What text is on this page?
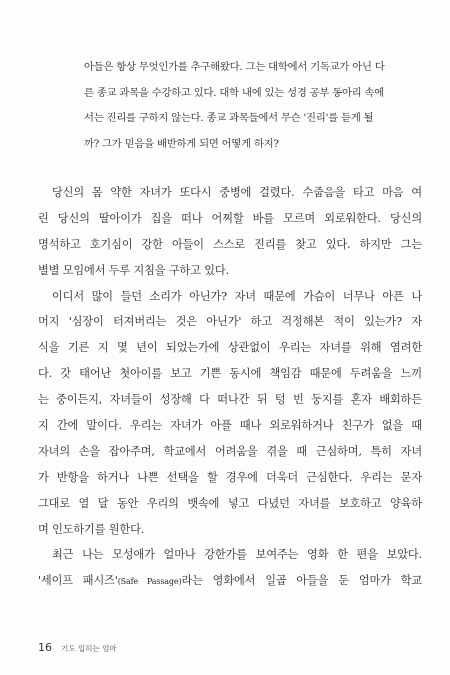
아들은 항상 무엇인가를 추구해왔다. 그는 대학에서 기독교가 아닌 다
른 종교 과목을 수강하고 있다. 대학 내에 있는 성경 공부 동아리 속에
서는 진리를 구하지 않는다. 종교 과목들에서 무슨 '진리'를 듣게 될
까? 그가 믿음을 배반하게 되면 어떻게 하지?
당신의 몸 약한 자녀가 또다시 중병에 걸렸다. 수줍음을 타고 마음 여
린 당신의 딸아이가 집을 떠나 어찌할 바를 모르며 외로워한다. 당신의
명석하고 호기심이 강한 아들이 스스로 진리를 찾고 있다. 하지만 그는
별별 모임에서 두루 지침을 구하고 있다.
이디서 많이 들던 소리가 아닌가? 자녀 때문에 가슴이 너무나 아픈 나
머지 '심장이 터져버리는 것은 아닌가' 하고 걱정해본 적이 있는가? 자
식을 기른 지 몇 년이 되었는가에 상관없이 우리는 자녀를 위해 염려한
다. 갓 태어난 첫아이를 보고 기쁜 동시에 책임감 때문에 두려움을 느끼
는 중이든지, 자녀들이 성장해 다 떠나간 뒤 텅 빈 둥지를 혼자 배회하든
지 간에 말이다. 우리는 자녀가 아플 때나 외로워하거나 친구가 없을 때
자녀의 손을 잡아주며, 학교에서 어려움을 겪을 때 근심하며, 특히 자녀
가 반항을 하거나 나쁜 선택을 할 경우에 더욱더 근심한다. 우리는 문자
그대로 열 달 동안 우리의 뱃속에 넣고 다녔던 자녀를 보호하고 양육하
며 인도하기를 원한다.
최근 나는 모성애가 얼마나 강한가를 보여주는 영화 한 편을 보았다.
'세이프 패시즈'(Safe Passage)라는 영화에서 일곱 아들을 둔 엄마가 학교
16 기도 입히는 엄마
